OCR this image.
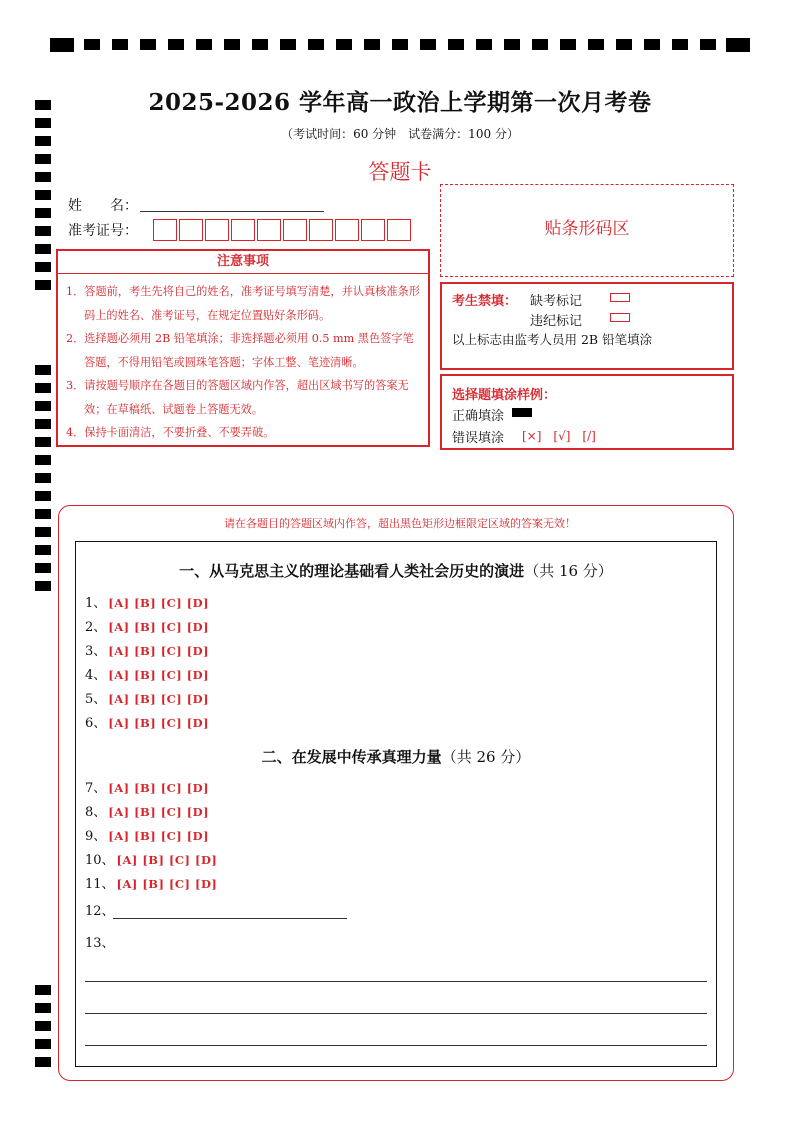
2025-2026 学年高一政治上学期第一次月考卷
（考试时间：60 分钟　试卷满分：100 分）
答题卡
姓　　名：
准考证号：
注意事项

1．答题前，考生先将自己的姓名，准考证号填写清楚，并认真核准条形码上的姓名、准考证号，在规定位置贴好条形码。

2．选择题必须用 2B 铅笔填涂；非选择题必须用 0.5 mm 黑色签字笔答题，不得用铅笔或圆珠笔答题；字体工整、笔迹清晰。

3．请按题号顺序在各题目的答题区域内作答，超出区域书写的答案无效；在草稿纸、试题卷上答题无效。

4．保持卡面清洁，不要折叠、不要弄破。

贴条形码区
考生禁填： 缺考标记
违纪标记
以上标志由监考人员用 2B 铅笔填涂
选择题填涂样例：
正确填涂
错误填涂 [×]　[√]　[/]
请在各题目的答题区域内作答，超出黑色矩形边框限定区域的答案无效！
一、从马克思主义的理论基础看人类社会历史的演进（共 16 分）
1、 [A] [B] [C] [D]
2、 [A] [B] [C] [D]
3、 [A] [B] [C] [D]
4、 [A] [B] [C] [D]
5、 [A] [B] [C] [D]
6、 [A] [B] [C] [D]
二、在发展中传承真理力量（共 26 分）
7、 [A] [B] [C] [D]
8、 [A] [B] [C] [D]
9、 [A] [B] [C] [D]
10、 [A] [B] [C] [D]
11、 [A] [B] [C] [D]
12、
13、
